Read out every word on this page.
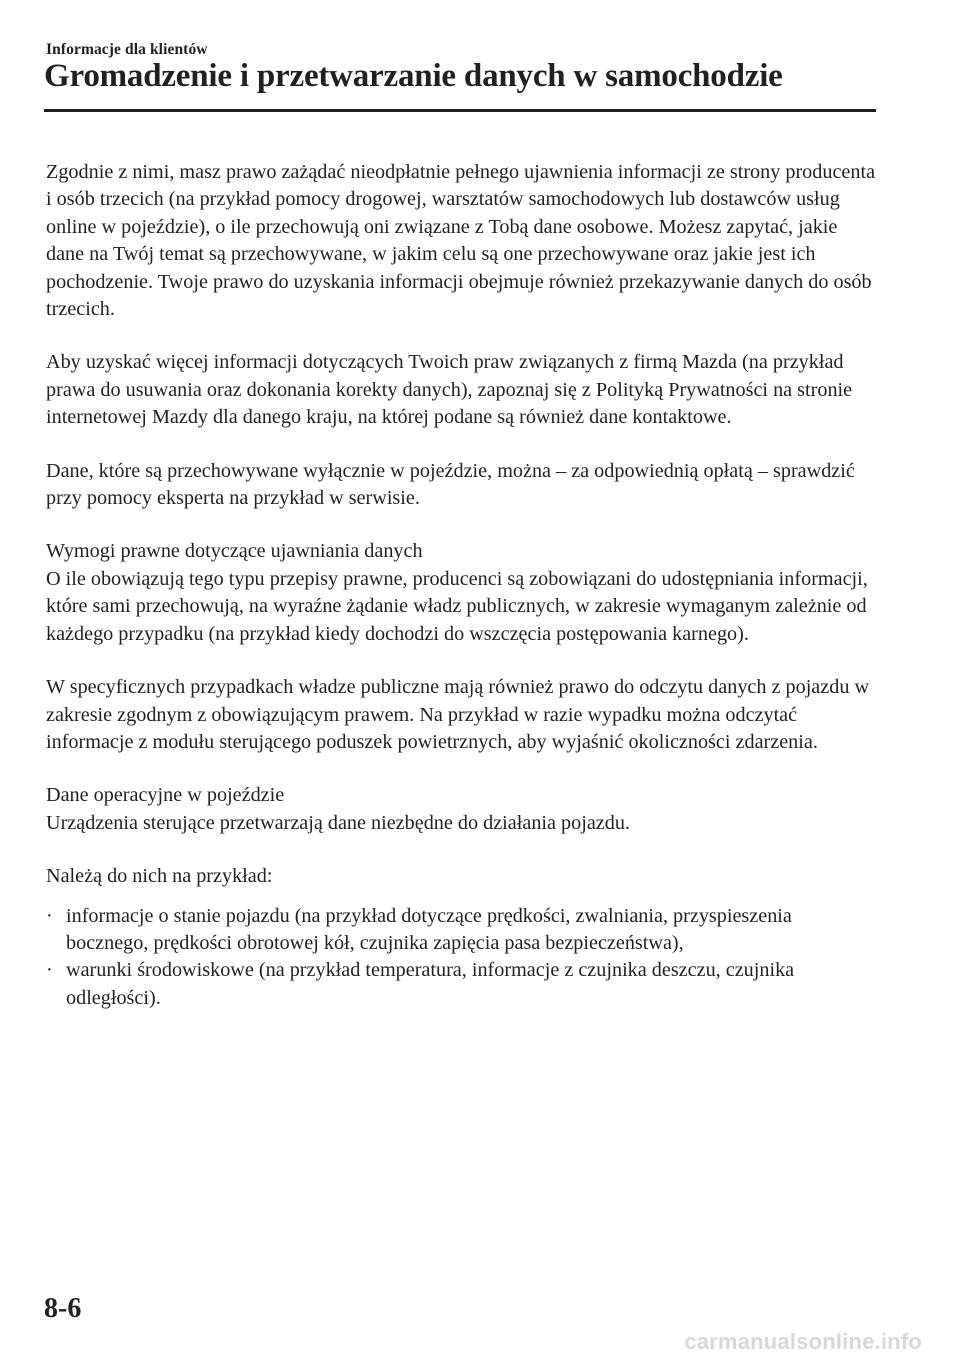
Informacje dla klientów
Gromadzenie i przetwarzanie danych w samochodzie

Zgodnie z nimi, masz prawo zażądać nieodpłatnie pełnego ujawnienia informacji ze strony producenta i osób trzecich (na przykład pomocy drogowej, warsztatów samochodowych lub dostawców usług online w pojeździe), o ile przechowują oni związane z Tobą dane osobowe. Możesz zapytać, jakie dane na Twój temat są przechowywane, w jakim celu są one przechowywane oraz jakie jest ich pochodzenie. Twoje prawo do uzyskania informacji obejmuje również przekazywanie danych do osób trzecich.

Aby uzyskać więcej informacji dotyczących Twoich praw związanych z firmą Mazda (na przykład prawa do usuwania oraz dokonania korekty danych), zapoznaj się z Polityką Prywatności na stronie internetowej Mazdy dla danego kraju, na której podane są również dane kontaktowe.

Dane, które są przechowywane wyłącznie w pojeździe, można – za odpowiednią opłatą – sprawdzić przy pomocy eksperta na przykład w serwisie.

Wymogi prawne dotyczące ujawniania danych
O ile obowiązują tego typu przepisy prawne, producenci są zobowiązani do udostępniania informacji, które sami przechowują, na wyraźne żądanie władz publicznych, w zakresie wymaganym zależnie od każdego przypadku (na przykład kiedy dochodzi do wszczęcia postępowania karnego).

W specyficznych przypadkach władze publiczne mają również prawo do odczytu danych z pojazdu w zakresie zgodnym z obowiązującym prawem. Na przykład w razie wypadku można odczytać informacje z modułu sterującego poduszek powietrznych, aby wyjaśnić okoliczności zdarzenia.

Dane operacyjne w pojeździe
Urządzenia sterujące przetwarzają dane niezbędne do działania pojazdu.

Należą do nich na przykład:

· informacje o stanie pojazdu (na przykład dotyczące prędkości, zwalniania, przyspieszenia bocznego, prędkości obrotowej kół, czujnika zapięcia pasa bezpieczeństwa),
· warunki środowiskowe (na przykład temperatura, informacje z czujnika deszczu, czujnika odległości).
8-6
carmanualsonline.info
